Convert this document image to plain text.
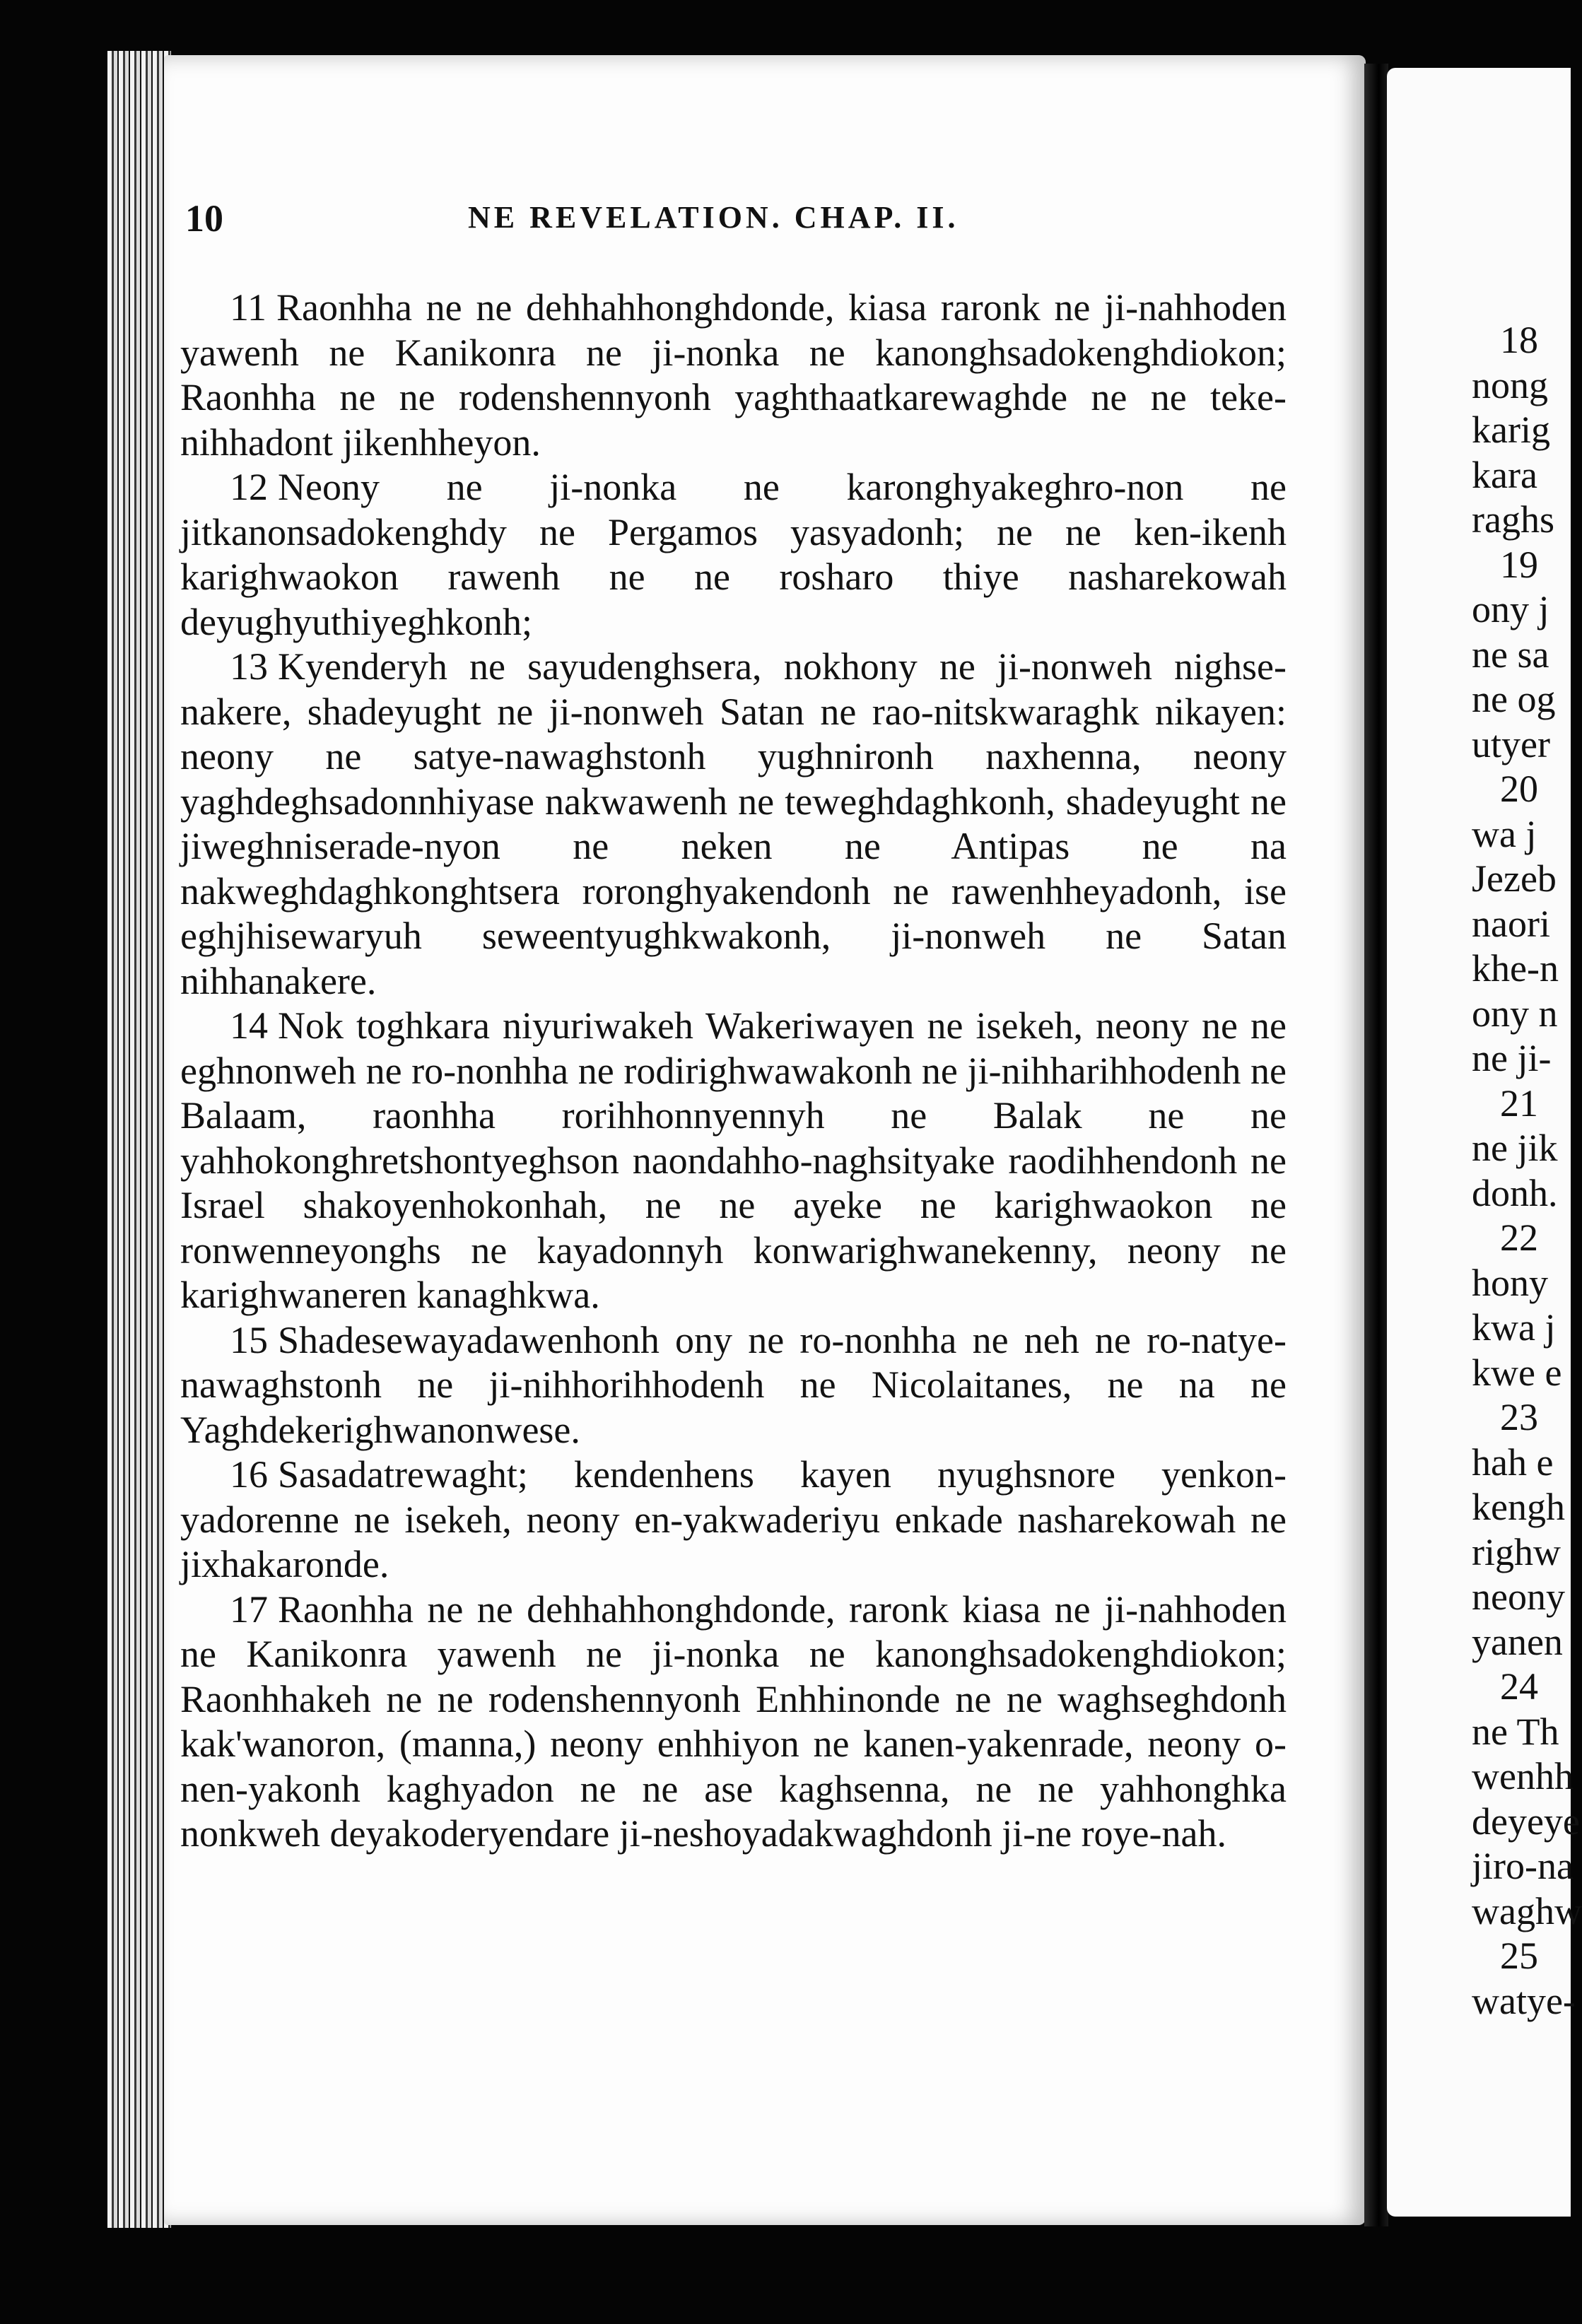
10	NE REVELATION. CHAP. II.

11 Raonhha ne ne dehhahhonghdonde, kiasa raronk ne ji-nahhoden yawenh ne Kanikonra ne ji-nonka ne kanonghsadokenghdiokon; Raonhha ne ne rodenshennyonh yaghthaatkarewaghde ne ne teke-nihhadont jikenhheyon.

12 Neony ne ji-nonka ne karonghyakeghro-non ne jitkanonsadokenghdy ne Pergamos yasyadonh; ne ne ken-ikenh karighwaokon rawenh ne ne rosharo thiye nasharekowah deyughyuthiyeghkonh;

13 Kyenderyh ne sayudenghsera, nokhony ne ji-nonweh nighse-nakere, shadeyught ne ji-nonweh Satan ne rao-nitskwaraghk nikayen: neony ne satye-nawaghstonh yughnironh naxhenna, neony yaghdeghsadonnhiyase nakwawenh ne teweghdaghkonh, shadeyught ne jiweghniserade-nyon ne neken ne Antipas ne na nakweghdaghkonghtsera roronghyakendonh ne rawenhheyadonh, ise eghjhisewaryuh seweentyughkwakonh, ji-nonweh ne Satan nihhanakere.

14 Nok toghkara niyuriwakeh Wakeriwayen ne isekeh, neony ne ne eghnonweh ne ro-nonhha ne rodirighwawakonh ne ji-nihharihhodenh ne Balaam, raonhha rorihhonnyennyh ne Balak ne ne yahhokonghretshontyeghson naondahho-naghsityake raodihhendonh ne Israel shakoyenhokonhah, ne ne ayeke ne karighwaokon ne ronwenneyonghs ne kayadonnyh konwarighwanekenny, neony ne karighwaneren kanaghkwa.

15 Shadesewayadawenhonh ony ne ro-nonhha ne neh ne ro-natye-nawaghstonh ne ji-nihhorihhodenh ne Nicolaitanes, ne na ne Yaghdekerighwanonwese.

16 Sasadatrewaght; kendenhens kayen nyughsnore yenkon-yadorenne ne isekeh, neony en-yakwaderiyu enkade nasharekowah ne jixhakaronde.

17 Raonhha ne ne dehhahhonghdonde, raronk kiasa ne ji-nahhoden ne Kanikonra yawenh ne ji-nonka ne kanonghsadokenghdiokon; Raonhhakeh ne ne rodenshennyonh Enhhinonde ne ne waghseghdonh kak'wanoron, (manna,) neony enhhiyon ne kanen-yakenrade, neony o-nen-yakonh kaghyadon ne ne ase kaghsenna, ne ne yahhonghka nonkweh deyakoderyendare ji-neshoyadakwaghdonh ji-ne roye-nah.

18
nong
karig
kara
raghs
19
ony j
ne sa
ne og
utyer
20
wa j
Jezeb
naori
khe-n
ony n
ne ji-
21
ne jik
donh.
22
hony
kwa j
kwe e
23
hah e
kengh
righw
neony
yanen
24
ne Th
wenhh
deyeye
jiro-na
waghw
25
watye-
